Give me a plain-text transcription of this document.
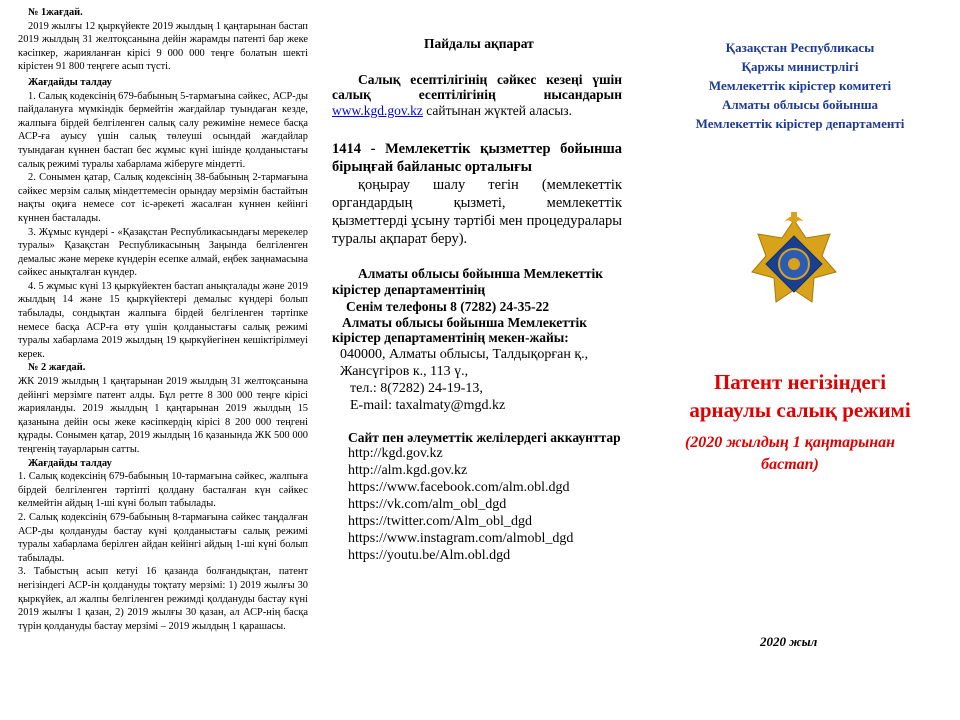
№ 1жағдай.

2019 жылғы 12 қыркүйекте 2019 жылдың 1 қаңтарынан бастап 2019 жылдың 31 желтоқсанына дейін жарамды патенті бар жеке кәсіпкер, жарияланған кірісі 9 000 000 теңге болатын шекті кірістен 91 800 теңгеге асып түсті.

Жағдайды талдау

1. Салық кодексінің 679-бабының 5-тармағына сәйкес, АСР-ды пайдалануға мүмкіндік бермейтін жағдайлар туындаған кезде, жалпыға бірдей белгіленген салық салу режиміне немесе басқа АСР-ға ауысу үшін салық төлеуші осындай жағдайлар туындаған күннен бастап бес жұмыс күні ішінде қолданыстағы салық режимі туралы хабарлама жіберуге міндетті.

2. Сонымен қатар, Салық кодексінің 38-бабының 2-тармағына сәйкес мерзім салық міндеттемесін орындау мерзімін бастайтын нақты оқиға немесе сот іс-әрекеті жасалған күннен кейінгі күннен басталады.

3. Жұмыс күндері - «Қазақстан Республикасындағы мерекелер туралы» Қазақстан Республикасының Заңында белгіленген демалыс және мереке күндерін есепке алмай, еңбек заңнамасына сәйкес анықталған күндер.

4. 5 жұмыс күні 13 қыркүйектен бастап анықталады және 2019 жылдың 14 және 15 қыркүйектері демалыс күндері болып табылады, сондықтан жалпыға бірдей белгіленген тәртіпке немесе басқа АСР-ға өту үшін қолданыстағы салық режимі туралы хабарлама 2019 жылдың 19 қыркүйегінен кешіктірілмеуі керек.

№ 2 жағдай.

ЖК 2019 жылдың 1 қаңтарынан 2019 жылдың 31 желтоқсанына дейінгі мерзімге патент алды. Бұл ретте 8 300 000 теңге кірісі жарияланды. 2019 жылдың 1 қаңтарынан 2019 жылдың 15 қазанына дейін осы жеке кәсіпкердің кірісі 8 200 000 теңгені құрады. Сонымен қатар, 2019 жылдың 16 қазанында ЖК 500 000 теңгенің тауарларын сатты.

Жағдайды талдау

1. Салық кодексінің 679-бабының 10-тармағына сәйкес, жалпыға бірдей белгіленген тәртіпті қолдану басталған күн сәйкес келмейтін айдың 1-ші күні болып табылады.

2. Салық кодексінің 679-бабының 8-тармағына сәйкес таңдалған АСР-ды қолдануды бастау күні қолданыстағы салық режимі туралы хабарлама берілген айдан кейінгі айдың 1-ші күні болып табылады.

3. Табыстың асып кетуі 16 қазанда болғандықтан, патент негізіндегі АСР-ін қолдануды тоқтату мерзімі: 1) 2019 жылғы 30 қыркүйек, ал жалпы белгіленген режимді қолдануды бастау күні 2019 жылғы 1 қазан, 2) 2019 жылғы 30 қазан, ал АСР-нің басқа түрін қолдануды бастау мерзімі – 2019 жылдың 1 қарашасы.

Пайдалы ақпарат

Салық есептілігінің сәйкес кезеңі үшін салық есептілігінің нысандарын www.kgd.gov.kz сайтынан жүктей аласыз.

1414 - Мемлекеттік қызметтер бойынша бірыңғай байланыс орталығы

қоңырау шалу тегін (мемлекеттік органдардың қызметі, мемлекеттік қызметтерді ұсыну тәртібі мен процедуралары туралы ақпарат беру).

Алматы облысы бойынша Мемлекеттік кірістер департаментінің

Сенім телефоны 8 (7282) 24-35-22

Алматы облысы бойынша Мемлекеттік кірістер департаментінің мекен-жайы:

040000, Алматы облысы, Талдықорған қ., Жансүгіров к., 113 ү.,

тел.: 8(7282) 24-19-13,

E-mail: taxalmaty@mgd.kz

Сайт пен әлеуметтік желілердегі аккаунттар

http://kgd.gov.kz
http://alm.kgd.gov.kz
https://www.facebook.com/alm.obl.dgd
https://vk.com/alm_obl_dgd
https://twitter.com/Alm_obl_dgd
https://www.instagram.com/almobl_dgd
https://youtu.be/Alm.obl.dgd
Қазақстан Республикасы
Қаржы министрлігі
Мемлекеттік кірістер комитеті
Алматы облысы бойынша
Мемлекеттік кірістер департаменті
Патент негізіндегі
арнаулы салық режимі
(2020 жылдың 1 қаңтарынан
бастап)
2020 жыл
